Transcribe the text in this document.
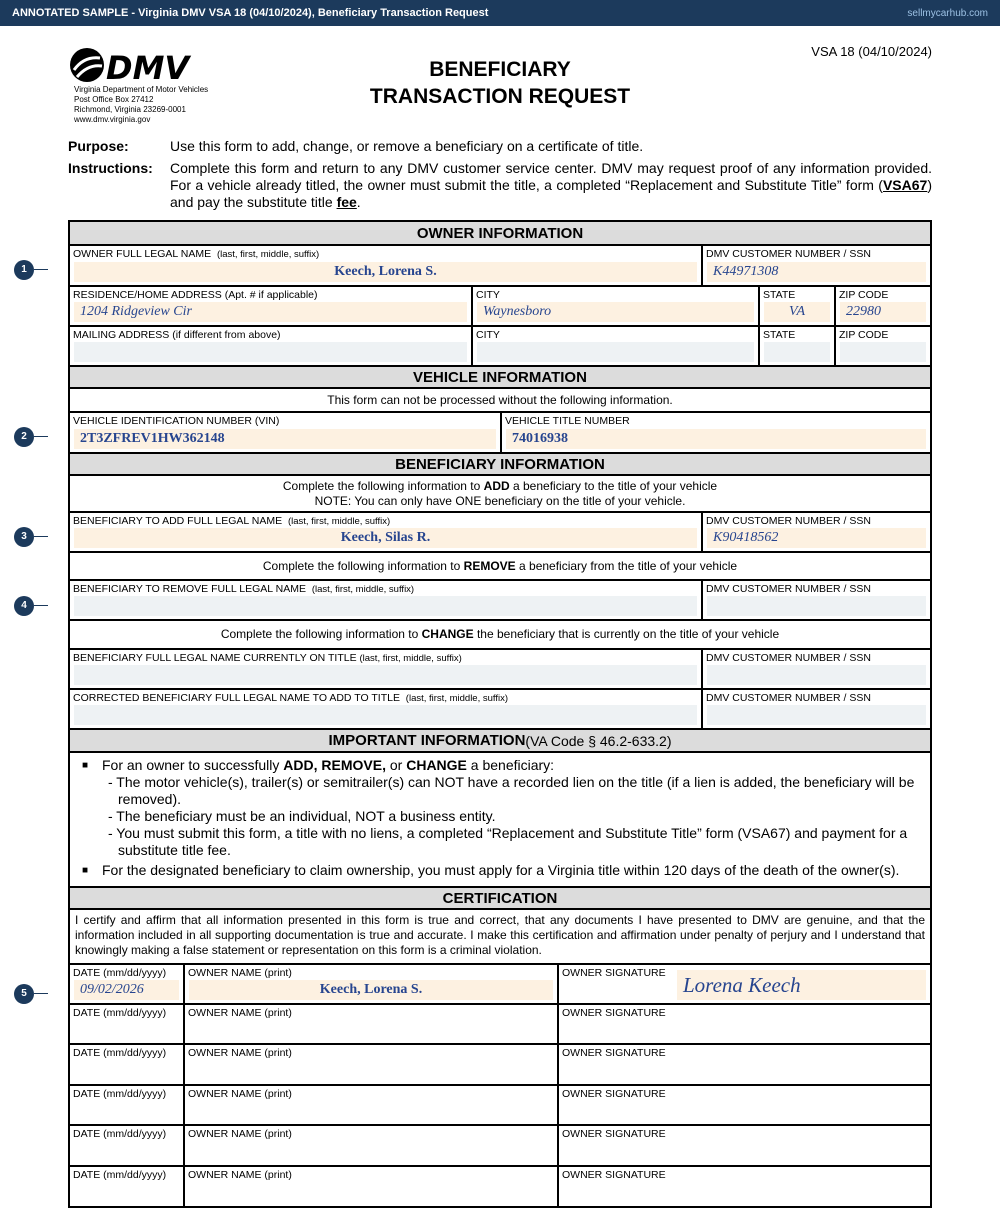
ANNOTATED SAMPLE - Virginia DMV VSA 18 (04/10/2024), Beneficiary Transaction Request	sellmycarhub.com
DMV
Virginia Department of Motor Vehicles
Post Office Box 27412
Richmond, Virginia 23269-0001
www.dmv.virginia.gov
BENEFICIARY
TRANSACTION REQUEST
VSA 18 (04/10/2024)
Purpose:	Use this form to add, change, or remove a beneficiary on a certificate of title.
Instructions:	Complete this form and return to any DMV customer service center. DMV may request proof of any information provided. For a vehicle already titled, the owner must submit the title, a completed “Replacement and Substitute Title” form (VSA67) and pay the substitute title fee.
OWNER INFORMATION
OWNER FULL LEGAL NAME (last, first, middle, suffix)
Keech, Lorena S.
DMV CUSTOMER NUMBER / SSN
K44971308
RESIDENCE/HOME ADDRESS (Apt. # if applicable)
1204 Ridgeview Cir
CITY
Waynesboro
STATE
VA
ZIP CODE
22980
MAILING ADDRESS (if different from above)	CITY	STATE	ZIP CODE
VEHICLE INFORMATION
This form can not be processed without the following information.
VEHICLE IDENTIFICATION NUMBER (VIN)
2T3ZFREV1HW362148
VEHICLE TITLE NUMBER
74016938
BENEFICIARY INFORMATION
Complete the following information to ADD a beneficiary to the title of your vehicle
NOTE: You can only have ONE beneficiary on the title of your vehicle.
BENEFICIARY TO ADD FULL LEGAL NAME (last, first, middle, suffix)
Keech, Silas R.
DMV CUSTOMER NUMBER / SSN
K90418562
Complete the following information to REMOVE a beneficiary from the title of your vehicle
BENEFICIARY TO REMOVE FULL LEGAL NAME (last, first, middle, suffix)	DMV CUSTOMER NUMBER / SSN
Complete the following information to CHANGE the beneficiary that is currently on the title of your vehicle
BENEFICIARY FULL LEGAL NAME CURRENTLY ON TITLE (last, first, middle, suffix)	DMV CUSTOMER NUMBER / SSN
CORRECTED BENEFICIARY FULL LEGAL NAME TO ADD TO TITLE (last, first, middle, suffix)	DMV CUSTOMER NUMBER / SSN
IMPORTANT INFORMATION (VA Code § 46.2-633.2)
■ For an owner to successfully ADD, REMOVE, or CHANGE a beneficiary:
- The motor vehicle(s), trailer(s) or semitrailer(s) can NOT have a recorded lien on the title (if a lien is added, the beneficiary will be removed).
- The beneficiary must be an individual, NOT a business entity.
- You must submit this form, a title with no liens, a completed “Replacement and Substitute Title” form (VSA67) and payment for a substitute title fee.
■ For the designated beneficiary to claim ownership, you must apply for a Virginia title within 120 days of the death of the owner(s).
CERTIFICATION
I certify and affirm that all information presented in this form is true and correct, that any documents I have presented to DMV are genuine, and that the information included in all supporting documentation is true and accurate. I make this certification and affirmation under penalty of perjury and I understand that knowingly making a false statement or representation on this form is a criminal violation.
DATE (mm/dd/yyyy)
09/02/2026
OWNER NAME (print)
Keech, Lorena S.
OWNER SIGNATURE Lorena Keech
DATE (mm/dd/yyyy)	OWNER NAME (print)	OWNER SIGNATURE
DATE (mm/dd/yyyy)	OWNER NAME (print)	OWNER SIGNATURE
DATE (mm/dd/yyyy)	OWNER NAME (print)	OWNER SIGNATURE
DATE (mm/dd/yyyy)	OWNER NAME (print)	OWNER SIGNATURE
DATE (mm/dd/yyyy)	OWNER NAME (print)	OWNER SIGNATURE
1
2
3
4
5
